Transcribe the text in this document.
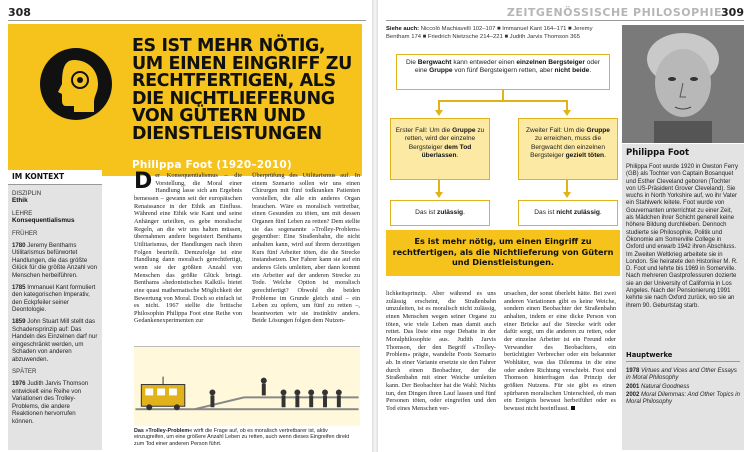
308
ES IST MEHR NÖTIG, UM EINEN EINGRIFF ZU RECHTFERTIGEN, ALS DIE NICHTLIEFERUNG VON GÜTERN UND DIENSTLEISTUNGEN
Philippa Foot (1920–2010)
IM KONTEXT
DISZIPLIN
Ethik
LEHRE
Konsequentialismus
FRÜHER
1780 Jeremy Benthams Utilitarismus befürwortet Handlungen, die das größte Glück für die größte Anzahl von Menschen herbeiführen.
1785 Immanuel Kant formuliert den kategorischen Imperativ, den Eckpfeiler seiner Deontologie.
1859 John Stuart Mill stellt das Schadensprinzip auf: Das Handeln des Einzelnen darf nur eingeschränkt werden, um Schaden von anderen abzuwenden.
SPÄTER
1976 Judith Jarvis Thomson entwickelt eine Reihe von Variationen des Trolley-Problems, die andere Reaktionen hervorrufen können.
Der Konsequentialismus – die Vorstellung, die Moral einer Handlung lasse sich am Ergebnis bemessen – gewann seit der europäischen Renaissance in der Ethik an Einfluss. Während eine Ethik wie Kant und seine Anhänger urteilten, es gebe moralische Regeln, an die wir uns halten müssen, übernahmen andere begeistert Benthams Utilitarismus, der Handlungen nach ihren Folgen beurteilt. Demzufolge ist eine Handlung dann moralisch gerechtfertigt, wenn sie der größten Anzahl von Menschen das größte Glück bringt. Benthams »hedonistisches Kalkül« bietet eine quasi mathematische Möglichkeit der Bewertung von Moral. Doch so einfach ist es nicht. 1967 stellte die britische Philosophin Philippa Foot eine Reihe von Gedankenexperimenten zur
Überprüfung des Utilitarismus auf. In einem Szenario sollen wir uns einen Chirurgen mit fünf todkranken Patienten vorstellen, die alle ein anderes Organ brauchen. Wäre es moralisch vertretbar, einen Gesunden zu töten, um mit dessen Organen fünf Leben zu retten? Dem stellte sie das sogenannte »Trolley-Problem« gegenüber: Eine Straßenbahn, die nicht anhalten kann, wird auf ihrem derzeitigen Kurs fünf Arbeiter töten, die die Strecke instandsetzen. Der Fahrer kann sie auf ein anderes Gleis umleiten, aber dann kommt ein Arbeiter auf der anderen Strecke zu Tode. Welche Option ist moralisch gerechtfertigt? Obwohl die beiden Probleme im Grunde gleich sind – ein Leben zu opfern, um fünf zu retten –, beantworten wir sie instinktiv anders. Beide Lösungen folgen dem Nutzen-
Das »Trolley-Problem« wirft die Frage auf, ob es moralisch vertretbarer ist, aktiv einzugreifen, um eine größere Anzahl Leben zu retten, auch wenn dieses Eingreifen direkt zum Tod einer anderen Person führt.
ZEITGENÖSSISCHE PHILOSOPHIE 309
Siehe auch: Niccolò Machiavelli 102–107 ■ Immanuel Kant 164–171 ■ Jeremy Bentham 174 ■ Friedrich Nietzsche 214–221 ■ Judith Jarvis Thomson 365
Die Bergwacht kann entweder einen einzelnen Bergsteiger oder eine Gruppe von fünf Bergsteigern retten, aber nicht beide.
Erster Fall: Um die Gruppe zu retten, wird der einzelne Bergsteiger dem Tod überlassen.
Zweiter Fall: Um die Gruppe zu erreichen, muss die Bergwacht den einzelnen Bergsteiger gezielt töten.
Das ist zulässig.	Das ist nicht zulässig.
Es ist mehr nötig, um einen Eingriff zu rechtfertigen, als die Nichtlieferung von Gütern und Dienstleistungen.
lichkeitsprinzip. Aber während es uns zulässig erscheint, die Straßenbahn umzuleiten, ist es moralisch nicht zulässig, einen Menschen wegen seiner Organe zu töten, wie viele Leben man damit auch rettet. Das löste eine rege Debatte in der Moralphilosophie aus. Judith Jarvis Thomson, der den Begriff »Trolley-Problem« prägte, wandelte Foots Szenario ab. In einer Variante ersetzte sie den Fahrer durch einen Beobachter, der die Straßenbahn mit einer Weiche umleiten kann. Der Beobachter hat die Wahl: Nichts tun, den Dingen ihren Lauf lassen und fünf Personen töten, oder eingreifen und den Tod eines Menschen ver-
ursachen, der sonst überlebt hätte. Bei zwei anderen Variationen gibt es keine Weiche, sondern einen Beobachter der Straßenbahn anhalten, indem er eine dicke Person von einer Brücke auf die Strecke wirft oder dafür sorgt, um die anderen zu retten, oder der einzelne Arbeiter ist ein Freund oder Verwandter des Beobachters, ein berüchtigter Verbrecher oder ein bekannter Wohltäter, was das Dilemma in die eine oder andere Richtung verschiebt. Foot und Thomson hinterfragen das Prinzip der größten Nutzens. Für sie gibt es einen spürbaren moralischen Unterschied, ob man ein Ereignis bewusst herbeiführt oder es bewusst nicht beeinflusst.
Philippa Foot
Philippa Foot wurde 1920 in Owston Ferry (GB) als Tochter von Captain Bosanquet und Esther Cleveland geboren (Tochter von US-Präsident Grover Cleveland). Sie wuchs in North Yorkshire auf, wo ihr Vater ein Stahlwerk leitete. Foot wurde von Gouvernanten unterrichtet zu einer Zeit, als Mädchen ihrer Schicht generell keine höhere Bildung durchlieben. Dennoch studierte sie Philosophie, Politik und Ökonomie am Somerville College in Oxford und erwarb 1942 ihren Abschluss. Im Zweiten Weltkrieg arbeitete sie in London. Sie heiratete den Historiker M. R. D. Foot und lehrte bis 1969 in Somerville. Nach mehreren Gastprofessuren dozierte sie an der University of California in Los Angeles. Nach der Pensionierung 1991 kehrte sie nach Oxford zurück, wo sie an ihrem 90. Geburtstag starb.
Hauptwerke
1978 Virtues and Vices and Other Essays in Moral Philosophy
2001 Natural Goodness
2002 Moral Dilemmas: And Other Topics in Moral Philosophy
